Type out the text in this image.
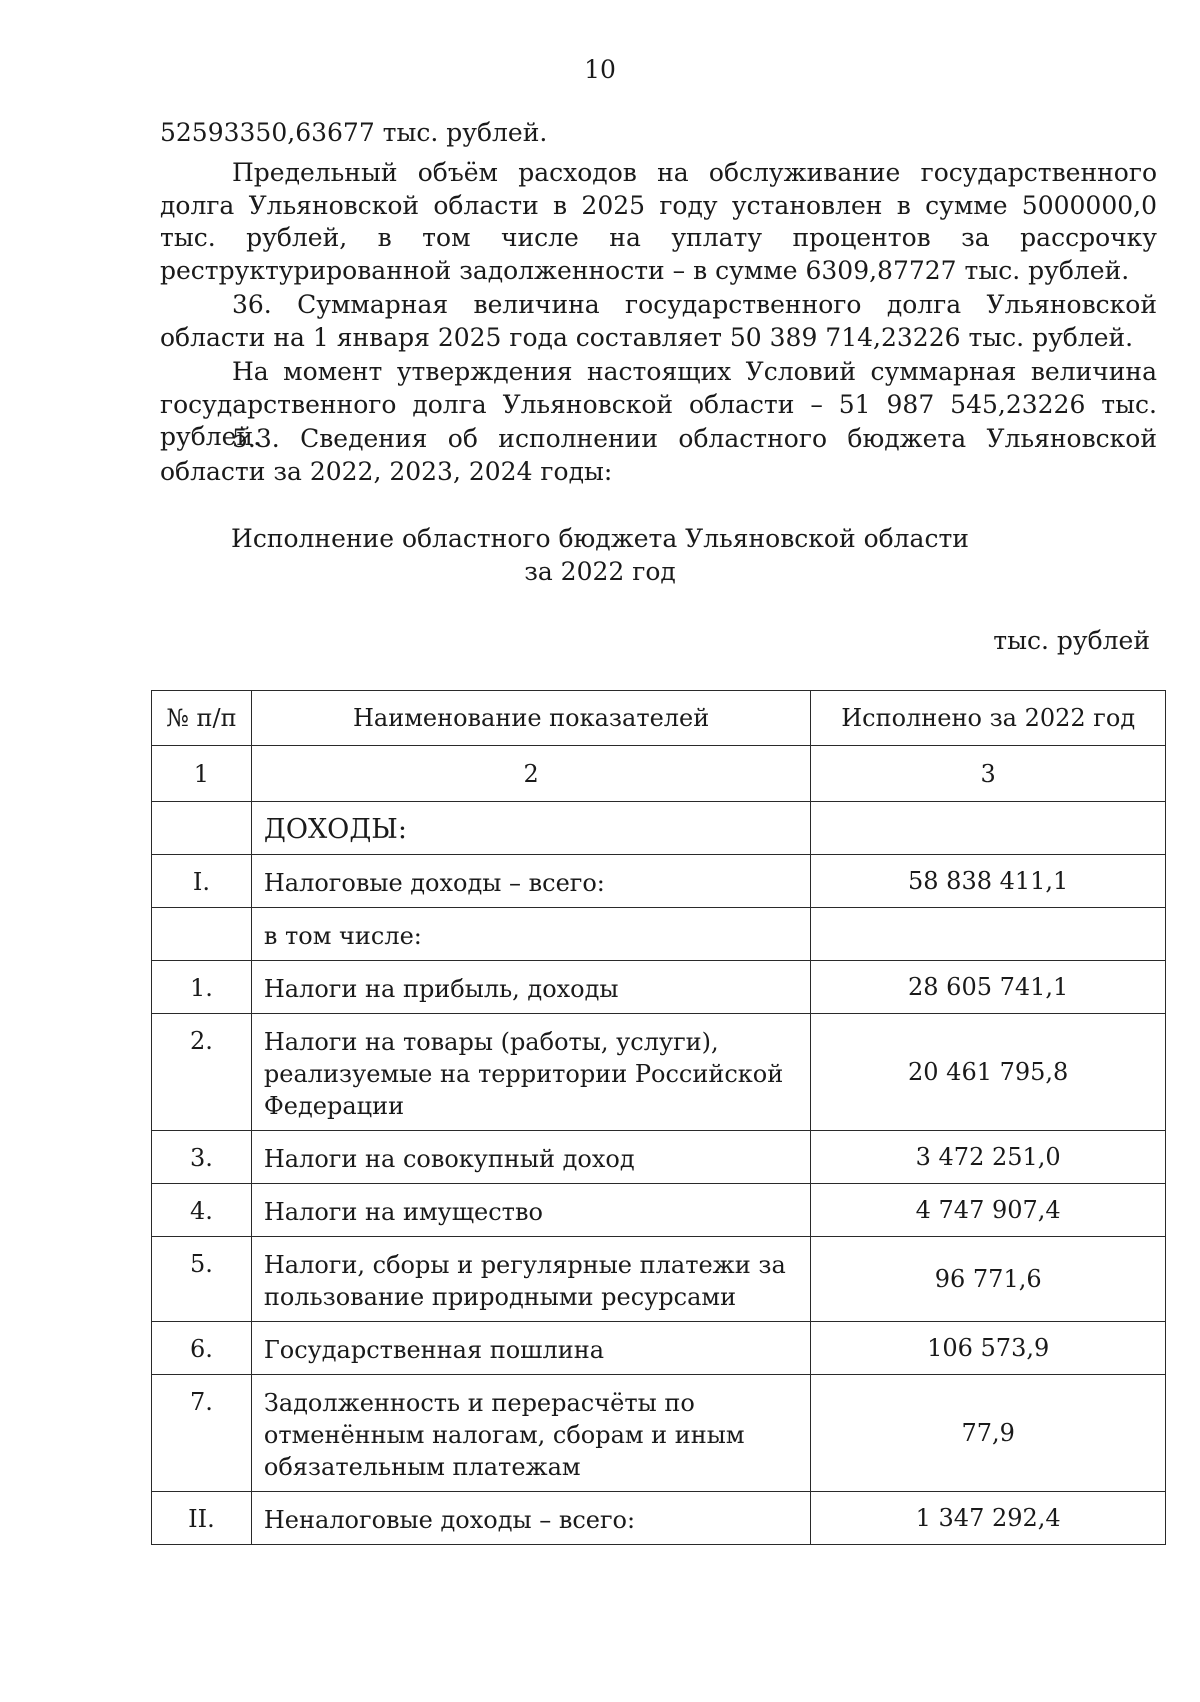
10

52593350,63677 тыс. рублей.

Предельный объём расходов на обслуживание государственного долга Ульяновской области в 2025 году установлен в сумме 5000000,0 тыс. рублей, в том числе на уплату процентов за рассрочку реструктурированной задолженности – в сумме 6309,87727 тыс. рублей.

36. Суммарная величина государственного долга Ульяновской области на 1 января 2025 года составляет 50 389 714,23226 тыс. рублей.

На момент утверждения настоящих Условий суммарная величина государственного долга Ульяновской области – 51 987 545,23226 тыс. рублей.

5.3. Сведения об исполнении областного бюджета Ульяновской области за 2022, 2023, 2024 годы:

Исполнение областного бюджета Ульяновской области
за 2022 год
тыс. рублей
№ п/п	Наименование показателей	Исполнено за 2022 год
1	2	3
	ДОХОДЫ:	
I.	Налоговые доходы – всего:	58 838 411,1
	в том числе:	
1.	Налоги на прибыль, доходы	28 605 741,1
2.	Налоги на товары (работы, услуги), реализуемые на территории Российской Федерации	20 461 795,8
3.	Налоги на совокупный доход	3 472 251,0
4.	Налоги на имущество	4 747 907,4
5.	Налоги, сборы и регулярные платежи за пользование природными ресурсами	96 771,6
6.	Государственная пошлина	106 573,9
7.	Задолженность и перерасчёты по отменённым налогам, сборам и иным обязательным платежам	77,9
II.	Неналоговые доходы – всего:	1 347 292,4
